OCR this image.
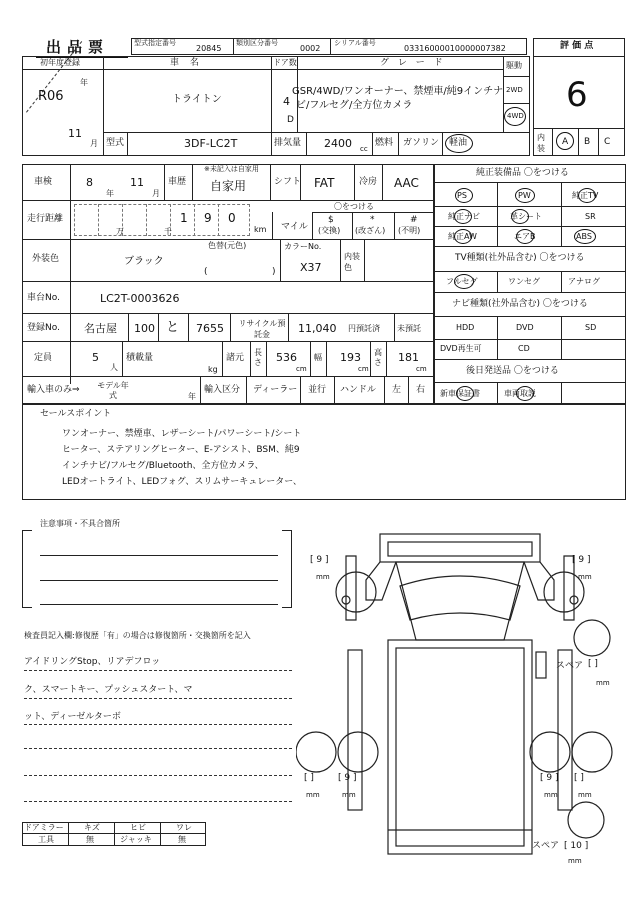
出品票	型式指定番号
20845
類別区分番号
0002
シリアル番号
03316000010000007382	評 価 点
6
内装
A B C
初年度登録
R06
年
11
月
車 名
トライトン
ドア数
4
D
グ レ ー ド
GSR/4WD/ワンオーナー、禁煙車/純9インチナ
ビ/フルセグ/全方位カメラ
駆動
2WD
4WD
型式	3DF-LC2T	排気量 2400 cc
燃料 ガソリン 軽油
車検	8
年
11
月
車歴
※未記入は自家用
自家用	シフト FAT	冷房 AAC
走行距離
万	千
1 9 0
km マイル
〇をつける
$
(交換)
*
(改ざん)
#
(不明)
外装色
色替(元色)
ブラック
(	)
カラーNo.
X37
内装色
車台No.	LC2T-0003626
登録No. 名古屋 100 と 7655	リサイクル預託金	11,040 円預託済 未預託
定員	5
人
積載量
kg
諸元
長さ 536
cm
幅 193
cm
高さ 181
cm
輸入車のみ⇒	モデル年式	年
輸入区分 ディーラー 並行 ハンドル 左 右
純正装備品 〇をつける
PS	PW	純正TV
純正ナビ	革シート	SR
純正AW	エアB	ABS
TV種類(社外品含む) 〇をつける
フルセグ	ワンセグ	アナログ
ナビ種類(社外品含む) 〇をつける
HDD	DVD	SD
DVD再生可	CD
後日発送品 〇をつける
新車保証書	車両取説
セールスポイント
ワンオーナー、禁煙車、レザーシート/パワーシート/シート
ヒーター、ステアリングヒーター、E-アシスト、BSM、純9
インチナビ/フルセグ/Bluetooth、全方位カメラ、
LEDオートライト、LEDフォグ、スリムサーキュレーター、
注意事項・不具合箇所
検査員記入欄:修復歴「有」の場合は修復箇所・交換箇所を記入
アイドリングStop、リアデフロッ
ク、スマートキー、プッシュスタート、マ
ット、ディーゼルターボ
ドアミラー	キズ	ヒビ	ワレ
工具	無	ジャッキ	無
[ 9 ]
mm
[ 9 ]
mm
スペア [ ]
mm
[ ]
mm
[ 9 ]
mm
[ 9 ]
mm
[ ]
mm
スペア [ 10 ]
mm
